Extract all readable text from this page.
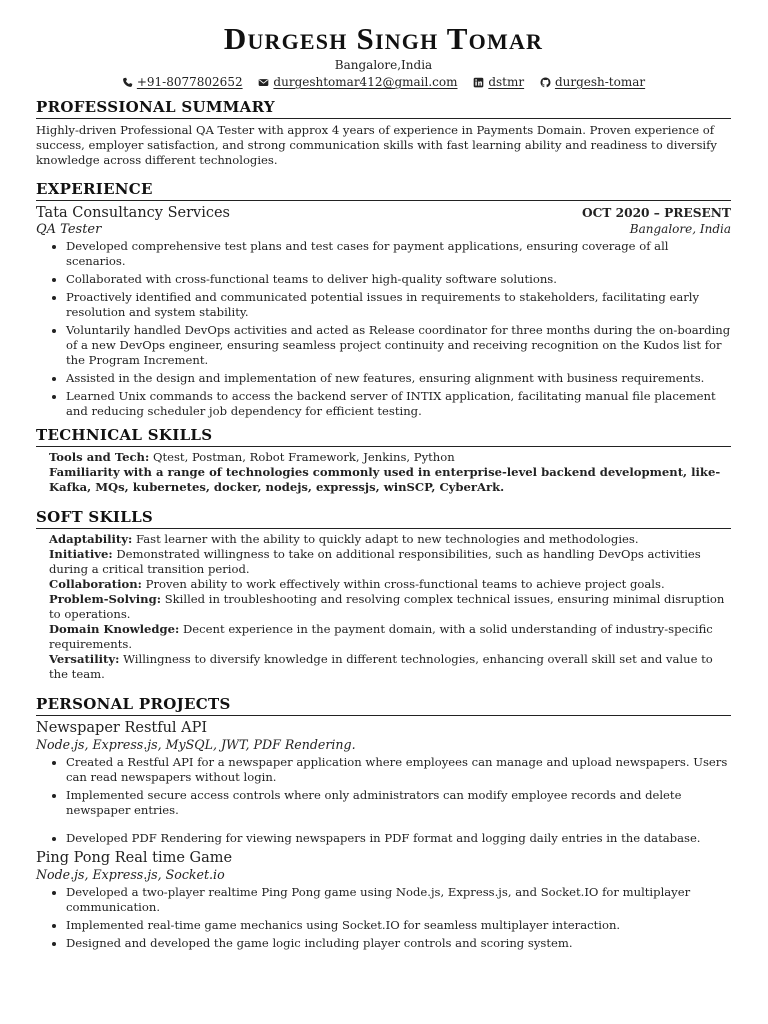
Durgesh Singh Tomar
Bangalore,India
+91-8077802652
	durgeshtomar412@gmail.com
	dstmr
	durgesh-tomar
PROFESSIONAL SUMMARY

Highly-driven Professional QA Tester with approx 4 years of experience in Payments Domain. Proven experience of success, employer satisfaction, and strong communication skills with fast learning ability and readiness to diversify knowledge across different technologies.

EXPERIENCE
Tata Consultancy Services	OCT 2020 – PRESENT
QA Tester	Bangalore, India
• Developed comprehensive test plans and test cases for payment applications, ensuring coverage of all scenarios.
• Collaborated with cross-functional teams to deliver high-quality software solutions.
• Proactively identified and communicated potential issues in requirements to stakeholders, facilitating early resolution and system stability.
• Voluntarily handled DevOps activities and acted as Release coordinator for three months during the on-boarding of a new DevOps engineer, ensuring seamless project continuity and receiving recognition on the Kudos list for the Program Increment.
• Assisted in the design and implementation of new features, ensuring alignment with business requirements.
• Learned Unix commands to access the backend server of INTIX application, facilitating manual file placement and reducing scheduler job dependency for efficient testing.
TECHNICAL SKILLS
Tools and Tech: Qtest, Postman, Robot Framework, Jenkins, Python
Familiarity with a range of technologies commonly used in enterprise-level backend development, like- Kafka, MQs, kubernetes, docker, nodejs, expressjs, winSCP, CyberArk.
SOFT SKILLS
Adaptability: Fast learner with the ability to quickly adapt to new technologies and methodologies.
Initiative: Demonstrated willingness to take on additional responsibilities, such as handling DevOps activities during a critical transition period.
Collaboration: Proven ability to work effectively within cross-functional teams to achieve project goals.
Problem-Solving: Skilled in troubleshooting and resolving complex technical issues, ensuring minimal disruption to operations.
Domain Knowledge: Decent experience in the payment domain, with a solid understanding of industry-specific requirements.
Versatility: Willingness to diversify knowledge in different technologies, enhancing overall skill set and value to the team.
PERSONAL PROJECTS
Newspaper Restful API
Node.js, Express.js, MySQL, JWT, PDF Rendering.
• Created a Restful API for a newspaper application where employees can manage and upload newspapers. Users can read newspapers without login.
• Implemented secure access controls where only administrators can modify employee records and delete newspaper entries.
• Developed PDF Rendering for viewing newspapers in PDF format and logging daily entries in the database.
Ping Pong Real time Game
Node.js, Express.js, Socket.io
• Developed a two-player realtime Ping Pong game using Node.js, Express.js, and Socket.IO for multiplayer communication.
• Implemented real-time game mechanics using Socket.IO for seamless multiplayer interaction.
• Designed and developed the game logic including player controls and scoring system.
